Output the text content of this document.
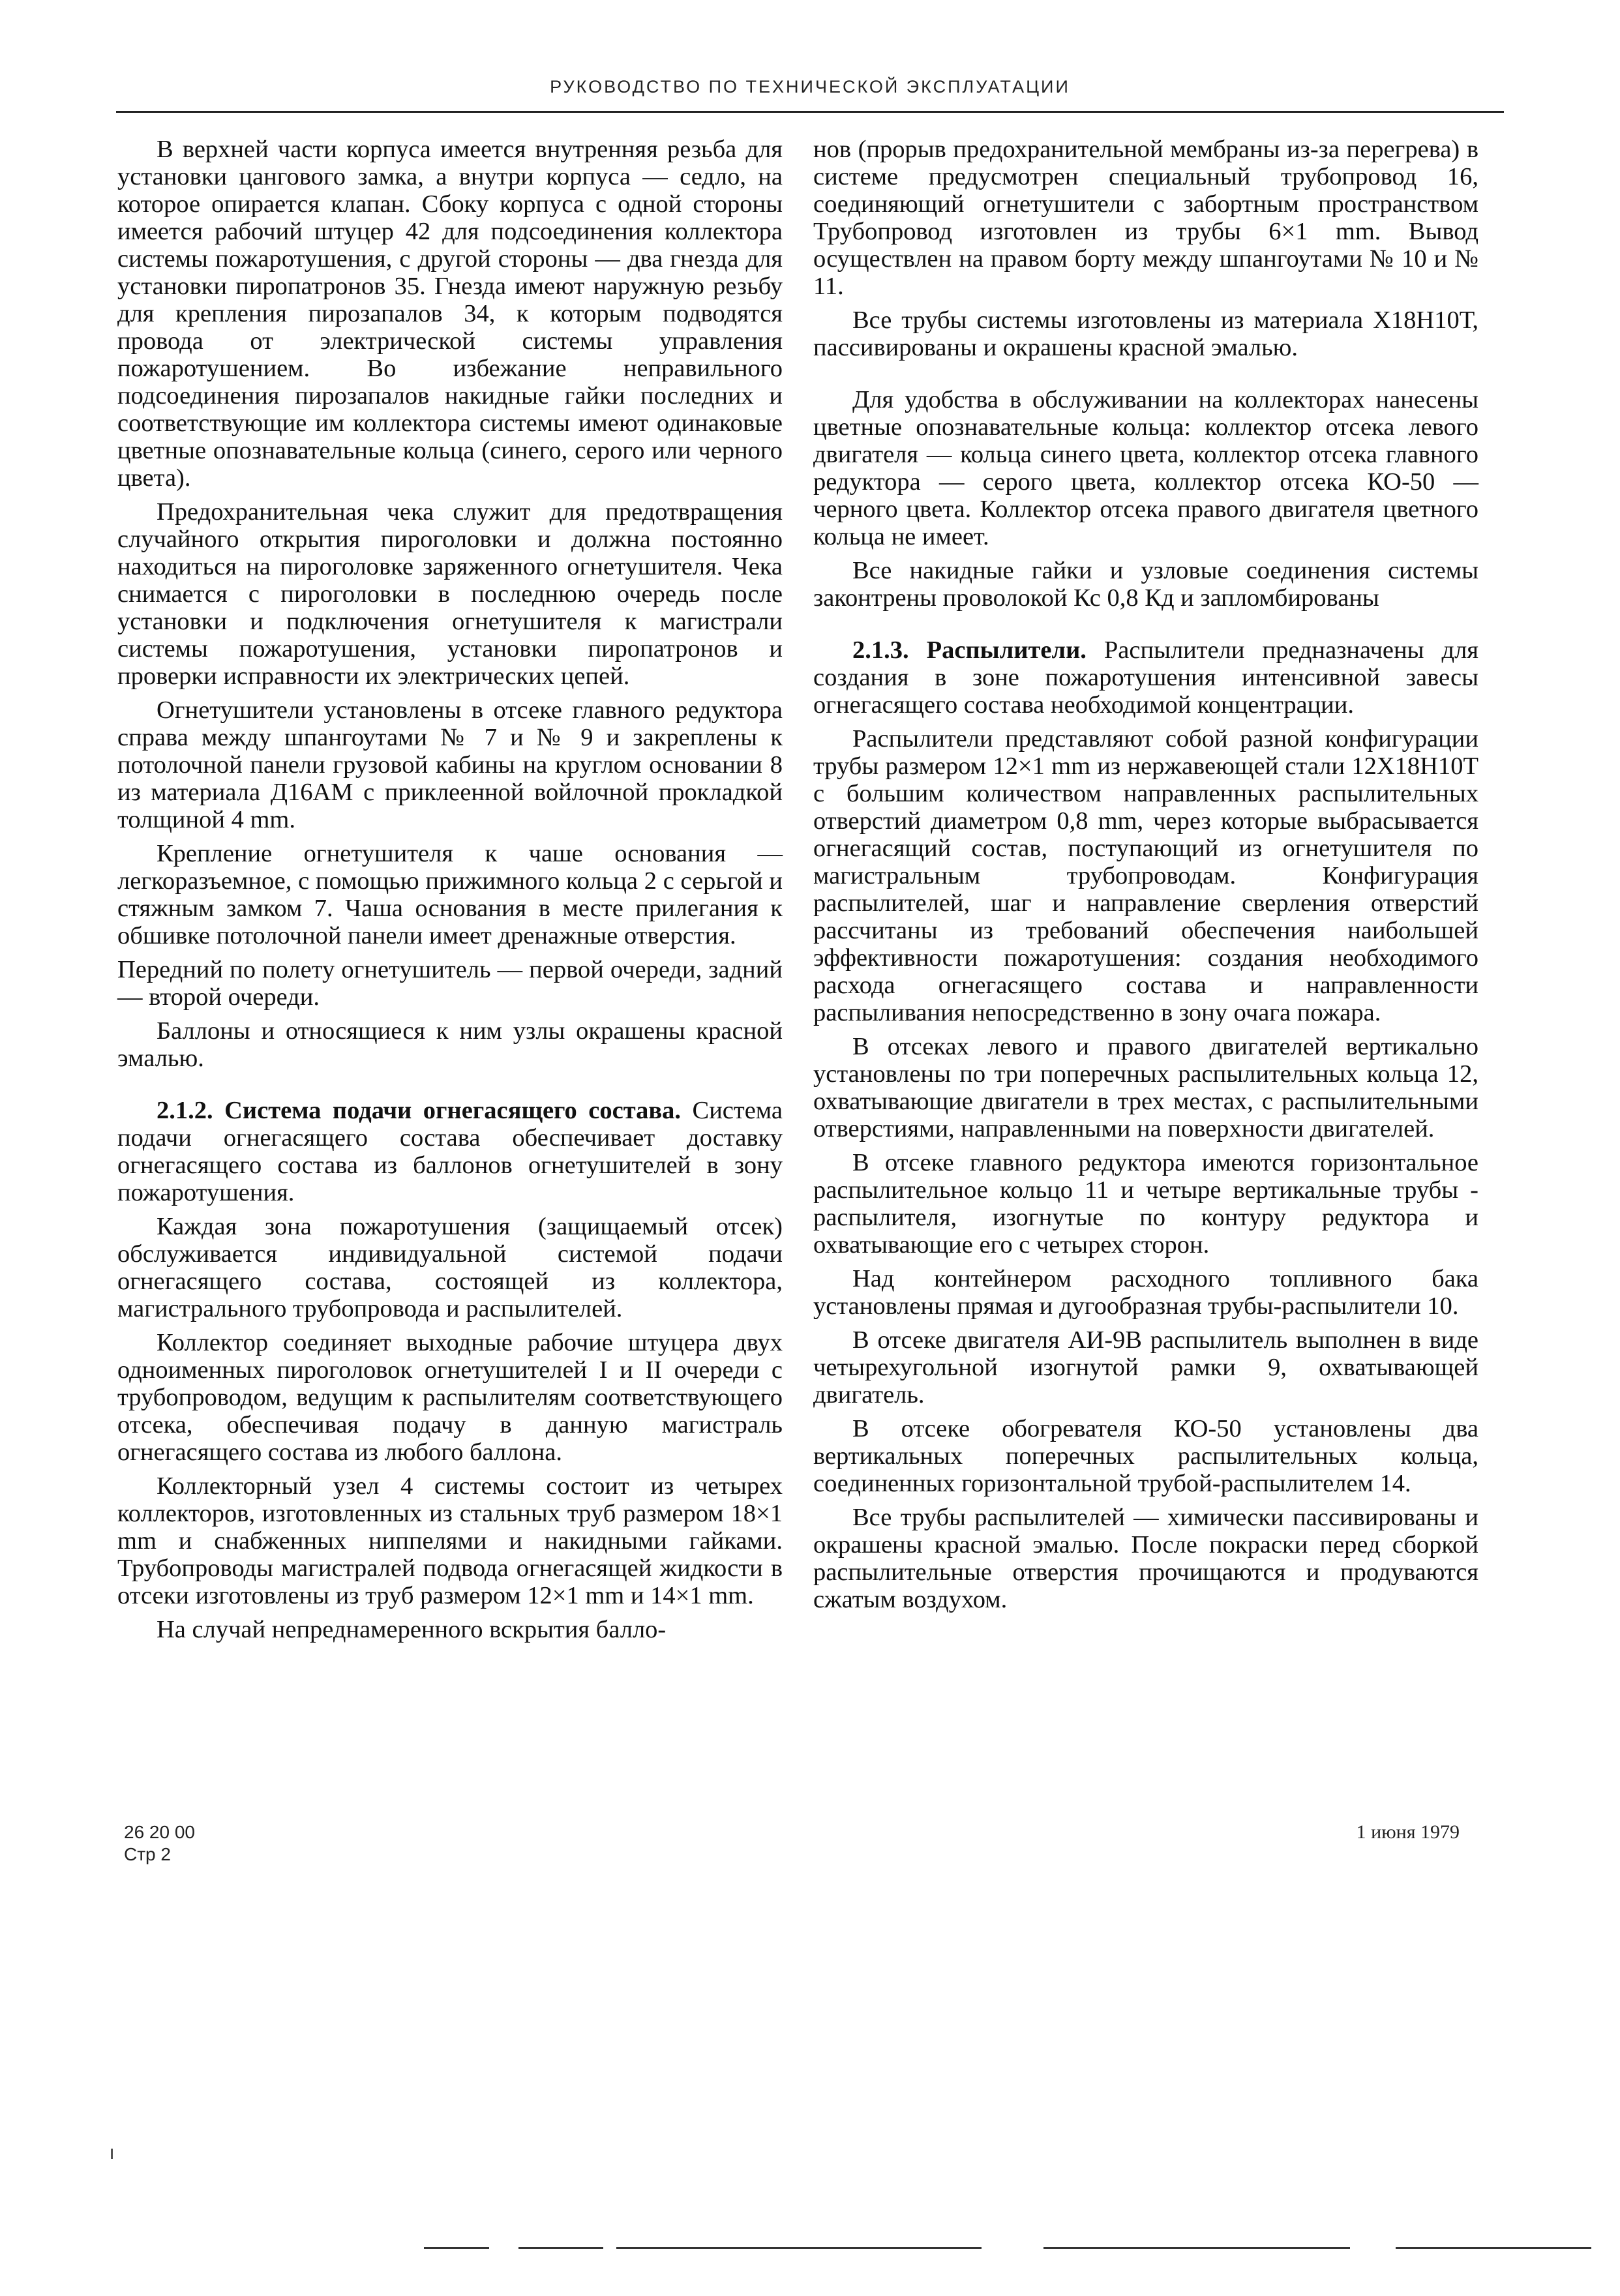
РУКОВОДСТВО ПО ТЕХНИЧЕСКОЙ ЭКСПЛУАТАЦИИ

В верхней части корпуса имеется внутренняя резьба для установки цангового замка, а внутри корпуса — седло, на которое опирается клапан. Сбоку корпуса с одной стороны имеется рабочий штуцер 42 для подсоединения коллектора системы пожаротушения, с другой стороны — два гнезда для установки пиропатронов 35. Гнезда имеют наружную резьбу для крепления пирозапалов 34, к которым подводятся провода от электрической системы управления пожаротушением. Во избежание неправильного подсоединения пирозапалов накидные гайки последних и соответствующие им коллектора системы имеют одинаковые цветные опознавательные кольца (синего, серого или черного цвета).

Предохранительная чека служит для предотвращения случайного открытия пироголовки и должна постоянно находиться на пироголовке заряженного огнетушителя. Чека снимается с пироголовки в последнюю очередь после установки и подключения огнетушителя к магистрали системы пожаротушения, установки пиропатронов и проверки исправности их электрических цепей.

Огнетушители установлены в отсеке главного редуктора справа между шпангоутами № 7 и № 9 и закреплены к потолочной панели грузовой кабины на круглом основании 8 из материала Д16АМ с приклеенной войлочной прокладкой толщиной 4 mm.

Крепление огнетушителя к чаше основания — легкоразъемное, с помощью прижимного кольца 2 с серьгой и стяжным замком 7. Чаша основания в месте прилегания к обшивке потолочной панели имеет дренажные отверстия.

Передний по полету огнетушитель — первой очереди, задний — второй очереди.

Баллоны и относящиеся к ним узлы окрашены красной эмалью.

2.1.2. Система подачи огнегасящего состава. Система подачи огнегасящего состава обеспечивает доставку огнегасящего состава из баллонов огнетушителей в зону пожаротушения.

Каждая зона пожаротушения (защищаемый отсек) обслуживается индивидуальной системой подачи огнегасящего состава, состоящей из коллектора, магистрального трубопровода и распылителей.

Коллектор соединяет выходные рабочие штуцера двух одноименных пироголовок огнетушителей I и II очереди с трубопроводом, ведущим к распылителям соответствующего отсека, обеспечивая подачу в данную магистраль огнегасящего состава из любого баллона.

Коллекторный узел 4 системы состоит из четырех коллекторов, изготовленных из стальных труб размером 18×1 mm и снабженных ниппелями и накидными гайками. Трубопроводы магистралей подвода огнегасящей жидкости в отсеки изготовлены из труб размером 12×1 mm и 14×1 mm.

На случай непреднамеренного вскрытия балло-

нов (прорыв предохранительной мембраны из-за перегрева) в системе предусмотрен специальный трубопровод 16, соединяющий огнетушители с забортным пространством Трубопровод изготовлен из трубы 6×1 mm. Вывод осуществлен на правом борту между шпангоутами № 10 и № 11.

Все трубы системы изготовлены из материала Х18Н10Т, пассивированы и окрашены красной эмалью.

Для удобства в обслуживании на коллекторах нанесены цветные опознавательные кольца: коллектор отсека левого двигателя — кольца синего цвета, коллектор отсека главного редуктора — серого цвета, коллектор отсека КО-50 — черного цвета. Коллектор отсека правого двигателя цветного кольца не имеет.

Все накидные гайки и узловые соединения системы законтрены проволокой Кс 0,8 Кд и запломбированы

2.1.3. Распылители. Распылители предназначены для создания в зоне пожаротушения интенсивной завесы огнегасящего состава необходимой концентрации.

Распылители представляют собой разной конфигурации трубы размером 12×1 mm из нержавеющей стали 12Х18Н10Т с большим количеством направленных распылительных отверстий диаметром 0,8 mm, через которые выбрасывается огнегасящий состав, поступающий из огнетушителя по магистральным трубопроводам. Конфигурация распылителей, шаг и направление сверления отверстий рассчитаны из требований обеспечения наибольшей эффективности пожаротушения: создания необходимого расхода огнегасящего состава и направленности распыливания непосредственно в зону очага пожара.

В отсеках левого и правого двигателей вертикально установлены по три поперечных распылительных кольца 12, охватывающие двигатели в трех местах, с распылительными отверстиями, направленными на поверхности двигателей.

В отсеке главного редуктора имеются горизонтальное распылительное кольцо 11 и четыре вертикальные трубы - распылителя, изогнутые по контуру редуктора и охватывающие его с четырех сторон.

Над контейнером расходного топливного бака установлены прямая и дугообразная трубы-распылители 10.

В отсеке двигателя АИ-9В распылитель выполнен в виде четырехугольной изогнутой рамки 9, охватывающей двигатель.

В отсеке обогревателя КО-50 установлены два вертикальных поперечных распылительных кольца, соединенных горизонтальной трубой-распылителем 14.

Все трубы распылителей — химически пассивированы и окрашены красной эмалью. После покраски перед сборкой распылительные отверстия прочищаются и продуваются сжатым воздухом.

26 20 00
Стр 2
1 июня 1979
